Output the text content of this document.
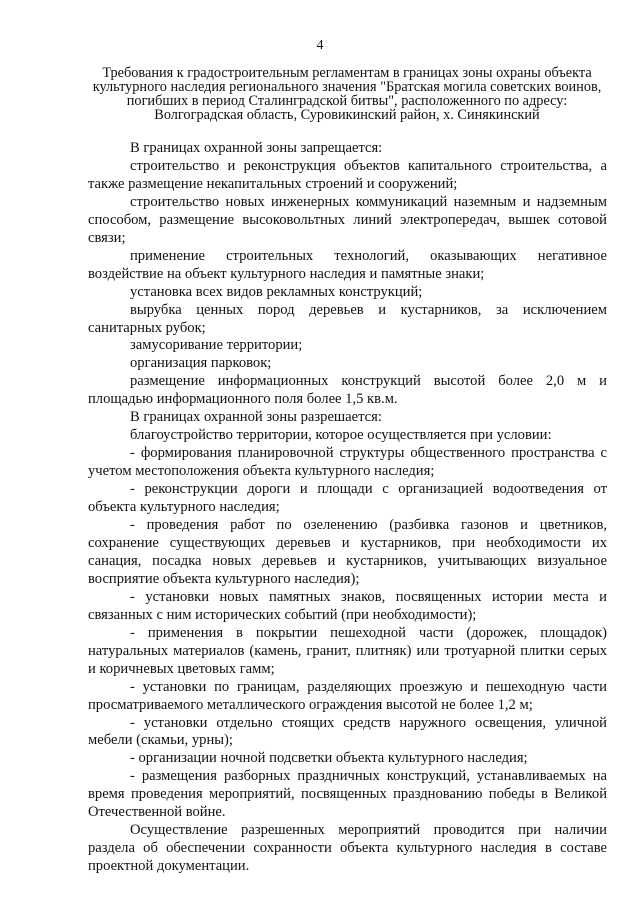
4
Требования к градостроительным регламентам в границах зоны охраны объекта культурного наследия регионального значения "Братская могила советских воинов, погибших в период Сталинградской битвы", расположенного по адресу: Волгоградская область, Суровикинский район, х. Синякинский

В границах охранной зоны запрещается:

строительство и реконструкция объектов капитального строительства, а также размещение некапитальных строений и сооружений;

строительство новых инженерных коммуникаций наземным и надземным способом, размещение высоковольтных линий электропередач, вышек сотовой связи;

применение строительных технологий, оказывающих негативное воздействие на объект культурного наследия и памятные знаки;

установка всех видов рекламных конструкций;

вырубка ценных пород деревьев и кустарников, за исключением санитарных рубок;

замусоривание территории;

организация парковок;

размещение информационных конструкций высотой более 2,0 м и площадью информационного поля более 1,5 кв.м.

В границах охранной зоны разрешается:

благоустройство территории, которое осуществляется при условии:

- формирования планировочной структуры общественного пространства с учетом местоположения объекта культурного наследия;

- реконструкции дороги и площади с организацией водоотведения от объекта культурного наследия;

- проведения работ по озеленению (разбивка газонов и цветников, сохранение существующих деревьев и кустарников, при необходимости их санация, посадка новых деревьев и кустарников, учитывающих визуальное восприятие объекта культурного наследия);

- установки новых памятных знаков, посвященных истории места и связанных с ним исторических событий (при необходимости);

- применения в покрытии пешеходной части (дорожек, площадок) натуральных материалов (камень, гранит, плитняк) или тротуарной плитки серых и коричневых цветовых гамм;

- установки по границам, разделяющих проезжую и пешеходную части просматриваемого металлического ограждения высотой не более 1,2 м;

- установки отдельно стоящих средств наружного освещения, уличной мебели (скамьи, урны);

- организации ночной подсветки объекта культурного наследия;

- размещения разборных праздничных конструкций, устанавливаемых на время проведения мероприятий, посвященных празднованию победы в Великой Отечественной войне.

Осуществление разрешенных мероприятий проводится при наличии раздела об обеспечении сохранности объекта культурного наследия в составе проектной документации.
